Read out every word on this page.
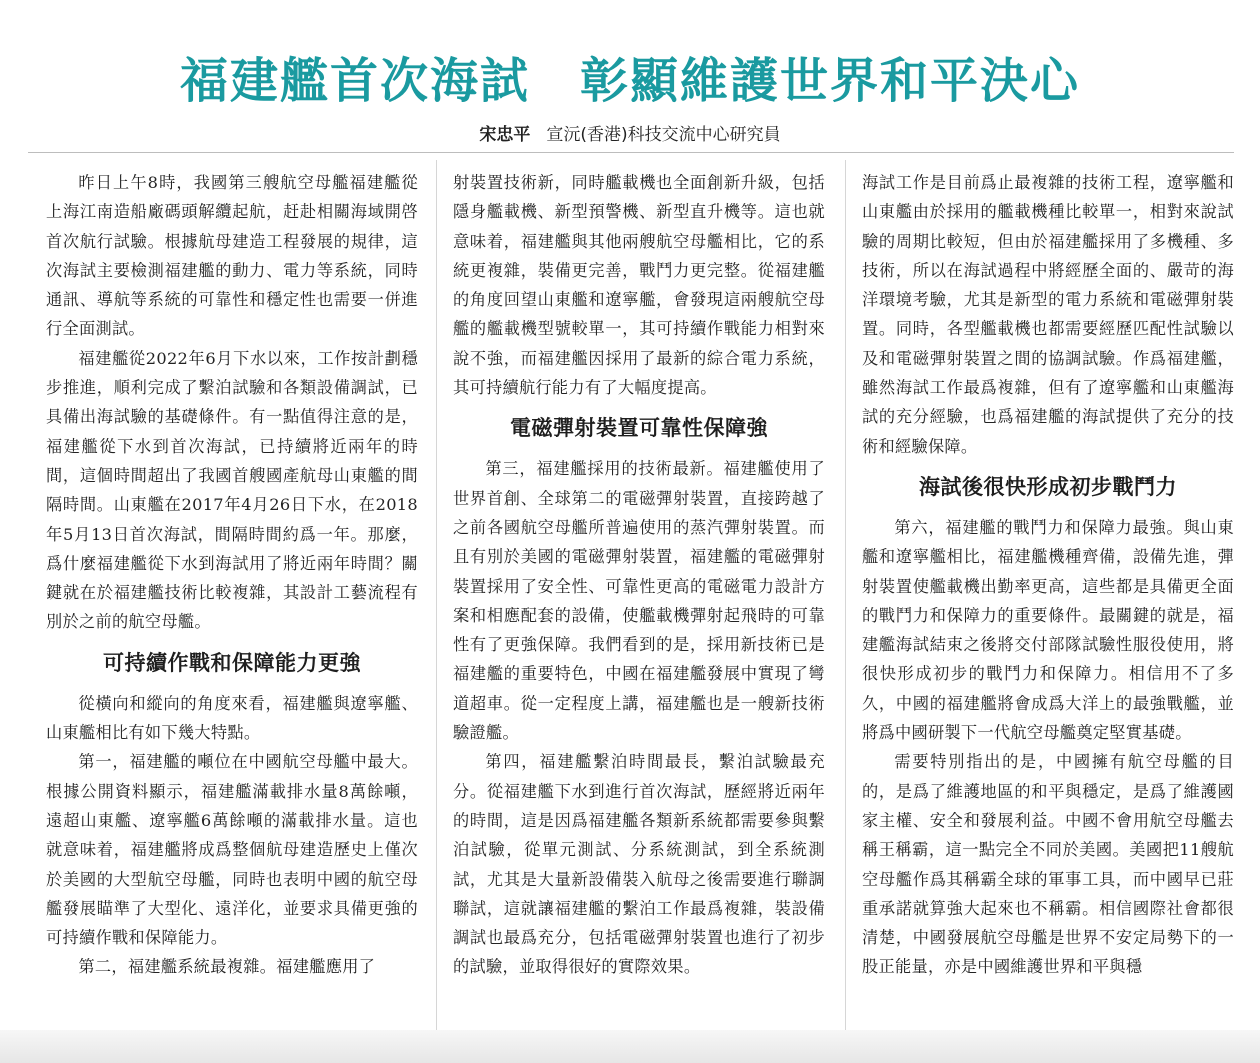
福建艦首次海試　彰顯維護世界和平決心
宋忠平 宣沅(香港)科技交流中心研究員

昨日上午8時，我國第三艘航空母艦福建艦從上海江南造船廠碼頭解纜起航，赶赴相關海域開啓首次航行試驗。根據航母建造工程發展的規律，這次海試主要檢測福建艦的動力、電力等系統，同時通訊、導航等系統的可靠性和穩定性也需要一併進行全面測試。

福建艦從2022年6月下水以來，工作按計劃穩步推進，順利完成了繫泊試驗和各類設備調試，已具備出海試驗的基礎條件。有一點值得注意的是，福建艦從下水到首次海試，已持續將近兩年的時間，這個時間超出了我國首艘國產航母山東艦的間隔時間。山東艦在2017年4月26日下水，在2018年5月13日首次海試，間隔時間約爲一年。那麼，爲什麼福建艦從下水到海試用了將近兩年時間？關鍵就在於福建艦技術比較複雜，其設計工藝流程有別於之前的航空母艦。

可持續作戰和保障能力更強

從橫向和縱向的角度來看，福建艦與遼寧艦、山東艦相比有如下幾大特點。

第一，福建艦的噸位在中國航空母艦中最大。根據公開資料顯示，福建艦滿載排水量8萬餘噸，遠超山東艦、遼寧艦6萬餘噸的滿載排水量。這也就意味着，福建艦將成爲整個航母建造歷史上僅次於美國的大型航空母艦，同時也表明中國的航空母艦發展瞄準了大型化、遠洋化，並要求具備更強的可持續作戰和保障能力。

第二，福建艦系統最複雜。福建艦應用了

射裝置技術新，同時艦載機也全面創新升級，包括隱身艦載機、新型預警機、新型直升機等。這也就意味着，福建艦與其他兩艘航空母艦相比，它的系統更複雜，裝備更完善，戰鬥力更完整。從福建艦的角度回望山東艦和遼寧艦，會發現這兩艘航空母艦的艦載機型號較單一，其可持續作戰能力相對來說不強，而福建艦因採用了最新的綜合電力系統，其可持續航行能力有了大幅度提高。

電磁彈射裝置可靠性保障強

第三，福建艦採用的技術最新。福建艦使用了世界首創、全球第二的電磁彈射裝置，直接跨越了之前各國航空母艦所普遍使用的蒸汽彈射裝置。而且有別於美國的電磁彈射裝置，福建艦的電磁彈射裝置採用了安全性、可靠性更高的電磁電力設計方案和相應配套的設備，使艦載機彈射起飛時的可靠性有了更強保障。我們看到的是，採用新技術已是福建艦的重要特色，中國在福建艦發展中實現了彎道超車。從一定程度上講，福建艦也是一艘新技術驗證艦。

第四，福建艦繫泊時間最長，繫泊試驗最充分。從福建艦下水到進行首次海試，歷經將近兩年的時間，這是因爲福建艦各類新系統都需要參與繫泊試驗，從單元測試、分系統測試，到全系統測試，尤其是大量新設備裝入航母之後需要進行聯調聯試，這就讓福建艦的繫泊工作最爲複雜，裝設備調試也最爲充分，包括電磁彈射裝置也進行了初步的試驗，並取得很好的實際效果。

海試工作是目前爲止最複雜的技術工程，遼寧艦和山東艦由於採用的艦載機種比較單一，相對來說試驗的周期比較短，但由於福建艦採用了多機種、多技術，所以在海試過程中將經歷全面的、嚴苛的海洋環境考驗，尤其是新型的電力系統和電磁彈射裝置。同時，各型艦載機也都需要經歷匹配性試驗以及和電磁彈射裝置之間的協調試驗。作爲福建艦，雖然海試工作最爲複雜，但有了遼寧艦和山東艦海試的充分經驗，也爲福建艦的海試提供了充分的技術和經驗保障。

海試後很快形成初步戰鬥力

第六，福建艦的戰鬥力和保障力最強。與山東艦和遼寧艦相比，福建艦機種齊備，設備先進，彈射裝置使艦載機出勤率更高，這些都是具備更全面的戰鬥力和保障力的重要條件。最關鍵的就是，福建艦海試結束之後將交付部隊試驗性服役使用，將很快形成初步的戰鬥力和保障力。相信用不了多久，中國的福建艦將會成爲大洋上的最強戰艦，並將爲中國研製下一代航空母艦奠定堅實基礎。

需要特別指出的是，中國擁有航空母艦的目的，是爲了維護地區的和平與穩定，是爲了維護國家主權、安全和發展利益。中國不會用航空母艦去稱王稱霸，這一點完全不同於美國。美國把11艘航空母艦作爲其稱霸全球的軍事工具，而中國早已莊重承諾就算強大起來也不稱霸。相信國際社會都很清楚，中國發展航空母艦是世界不安定局勢下的一股正能量，亦是中國維護世界和平與穩
